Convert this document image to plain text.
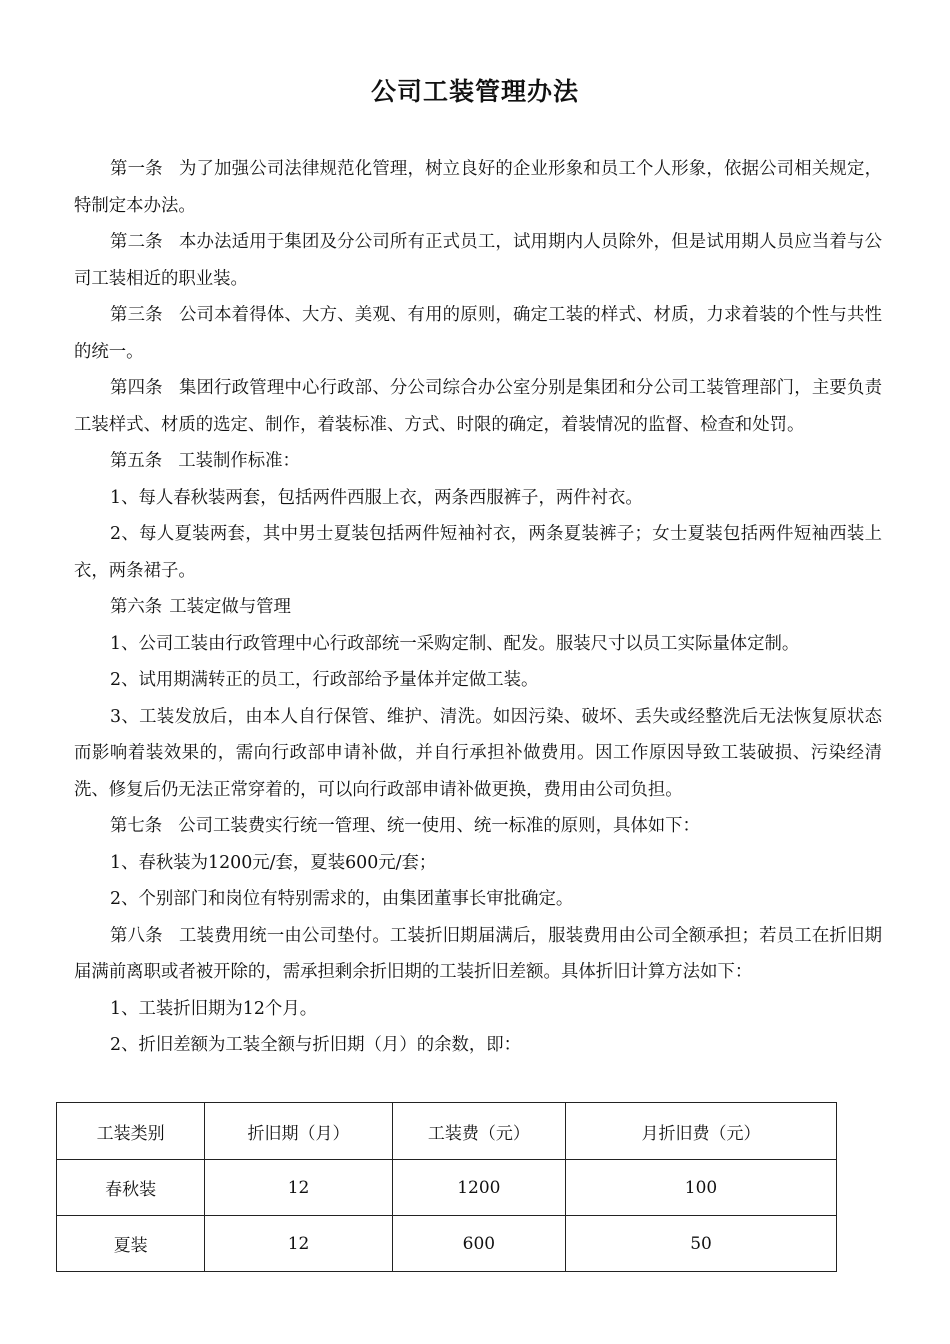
公司工装管理办法

第一条 为了加强公司法律规范化管理，树立良好的企业形象和员工个人形象，依据公司相关规定，特制定本办法。

第二条 本办法适用于集团及分公司所有正式员工，试用期内人员除外，但是试用期人员应当着与公司工装相近的职业装。

第三条 公司本着得体、大方、美观、有用的原则，确定工装的样式、材质，力求着装的个性与共性的统一。

第四条 集团行政管理中心行政部、分公司综合办公室分别是集团和分公司工装管理部门，主要负责工装样式、材质的选定、制作，着装标准、方式、时限的确定，着装情况的监督、检查和处罚。

第五条 工装制作标准：

1、每人春秋装两套，包括两件西服上衣，两条西服裤子，两件衬衣。

2、每人夏装两套，其中男士夏装包括两件短袖衬衣，两条夏装裤子；女士夏装包括两件短袖西装上衣，两条裙子。

第六条 工装定做与管理

1、公司工装由行政管理中心行政部统一采购定制、配发。服装尺寸以员工实际量体定制。

2、试用期满转正的员工，行政部给予量体并定做工装。

3、工装发放后，由本人自行保管、维护、清洗。如因污染、破坏、丢失或经整洗后无法恢复原状态而影响着装效果的，需向行政部申请补做，并自行承担补做费用。因工作原因导致工装破损、污染经清洗、修复后仍无法正常穿着的，可以向行政部申请补做更换，费用由公司负担。

第七条 公司工装费实行统一管理、统一使用、统一标准的原则，具体如下：

1、春秋装为1200元/套，夏装600元/套；

2、个别部门和岗位有特别需求的，由集团董事长审批确定。

第八条 工装费用统一由公司垫付。工装折旧期届满后，服装费用由公司全额承担；若员工在折旧期届满前离职或者被开除的，需承担剩余折旧期的工装折旧差额。具体折旧计算方法如下：

1、工装折旧期为12个月。

2、折旧差额为工装全额与折旧期（月）的余数，即：

工装类别	折旧期（月）	工装费（元）	月折旧费（元）
春秋装	12	1200	100
夏装	12	600	50
